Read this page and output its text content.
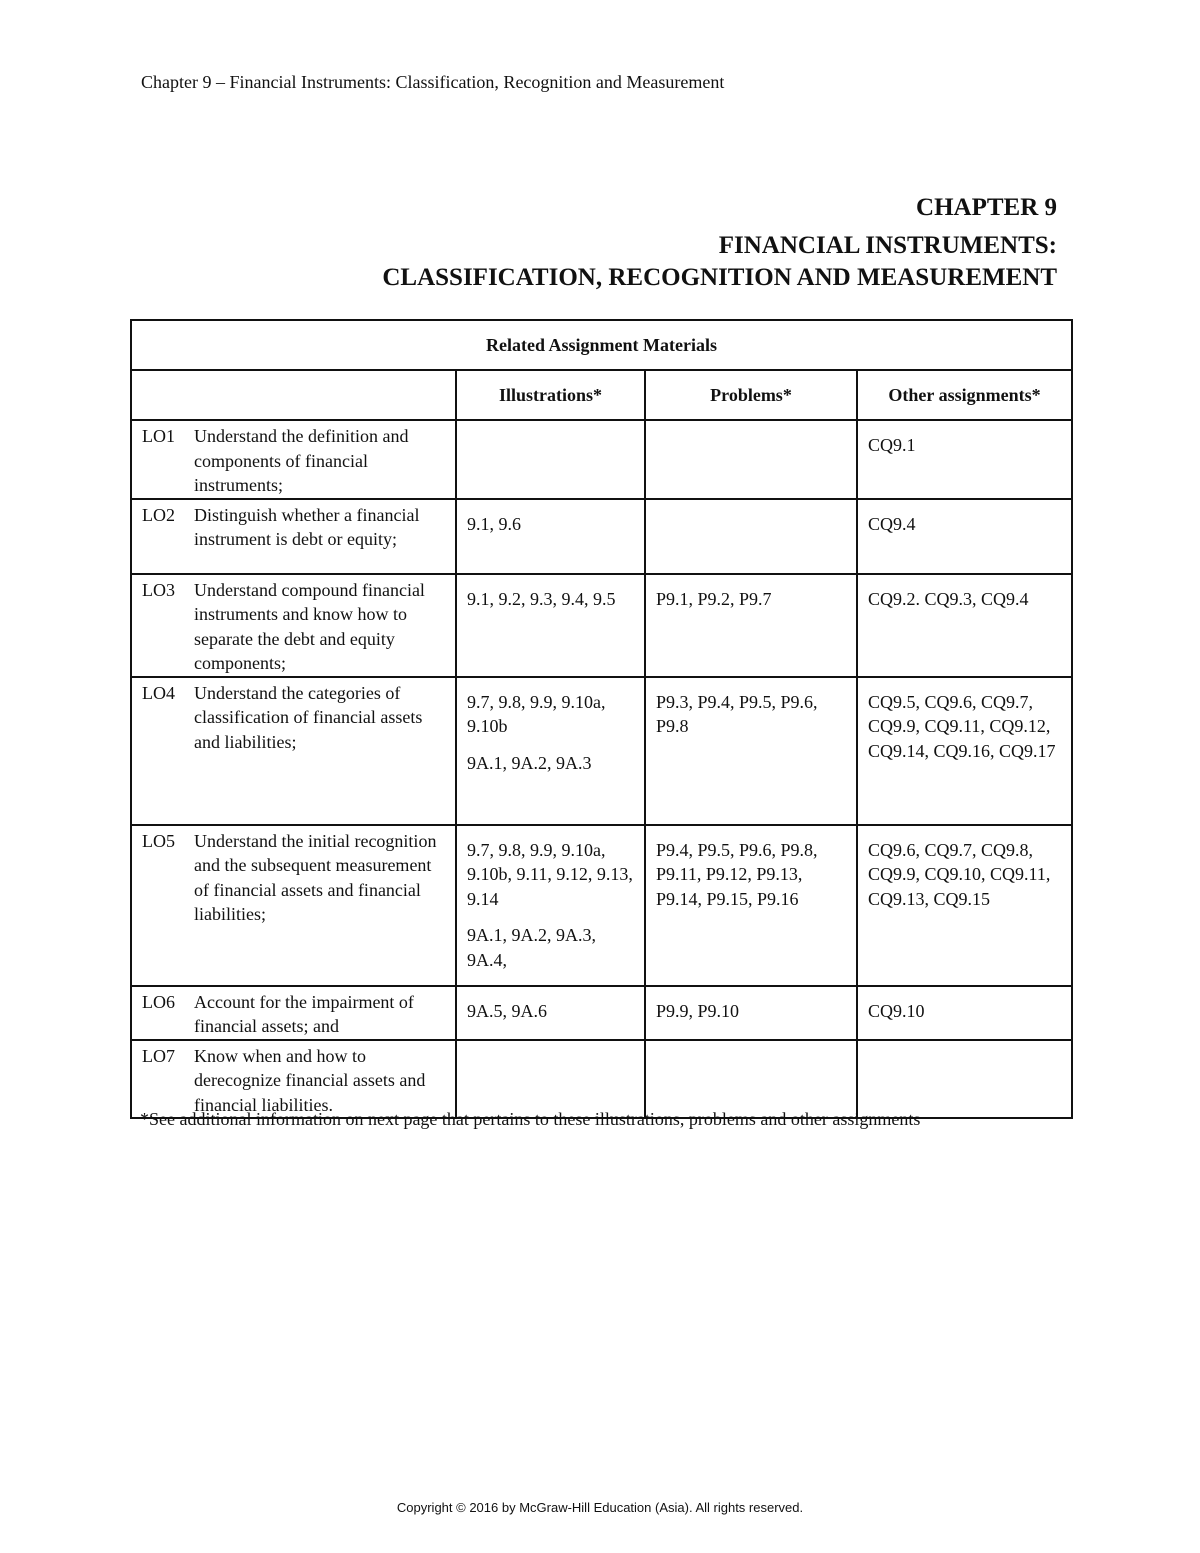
Chapter 9 – Financial Instruments: Classification, Recognition and Measurement
CHAPTER 9
FINANCIAL INSTRUMENTS:
CLASSIFICATION, RECOGNITION AND MEASUREMENT
Related Assignment Materials			
	Illustrations*	Problems*	Other assignments*
LO1 Understand the definition and components of financial instruments;			CQ9.1

LO2 Distinguish whether a financial instrument is debt or equity;	9.1, 9.6		CQ9.4

LO3 Understand compound financial instruments and know how to separate the debt and equity components;	9.1, 9.2, 9.3, 9.4, 9.5	P9.1, P9.2, P9.7	CQ9.2. CQ9.3, CQ9.4

LO4 Understand the categories of classification of financial assets and liabilities;	9.7, 9.8, 9.9, 9.10a, 9.10b
9A.1, 9A.2, 9A.3	P9.3, P9.4, P9.5, P9.6, P9.8	CQ9.5, CQ9.6, CQ9.7, CQ9.9, CQ9.11, CQ9.12, CQ9.14, CQ9.16, CQ9.17

LO5 Understand the initial recognition and the subsequent measurement of financial assets and financial liabilities;	9.7, 9.8, 9.9, 9.10a, 9.10b, 9.11, 9.12, 9.13, 9.14
9A.1, 9A.2, 9A.3, 9A.4,	P9.4, P9.5, P9.6, P9.8, P9.11, P9.12, P9.13, P9.14, P9.15, P9.16	CQ9.6, CQ9.7, CQ9.8, CQ9.9, CQ9.10, CQ9.11, CQ9.13, CQ9.15

LO6 Account for the impairment of financial assets; and	9A.5, 9A.6	P9.9, P9.10	CQ9.10

LO7 Know when and how to derecognize financial assets and financial liabilities.			

*See additional information on next page that pertains to these illustrations, problems and other assignments
Copyright © 2016 by McGraw-Hill Education (Asia). All rights reserved.
